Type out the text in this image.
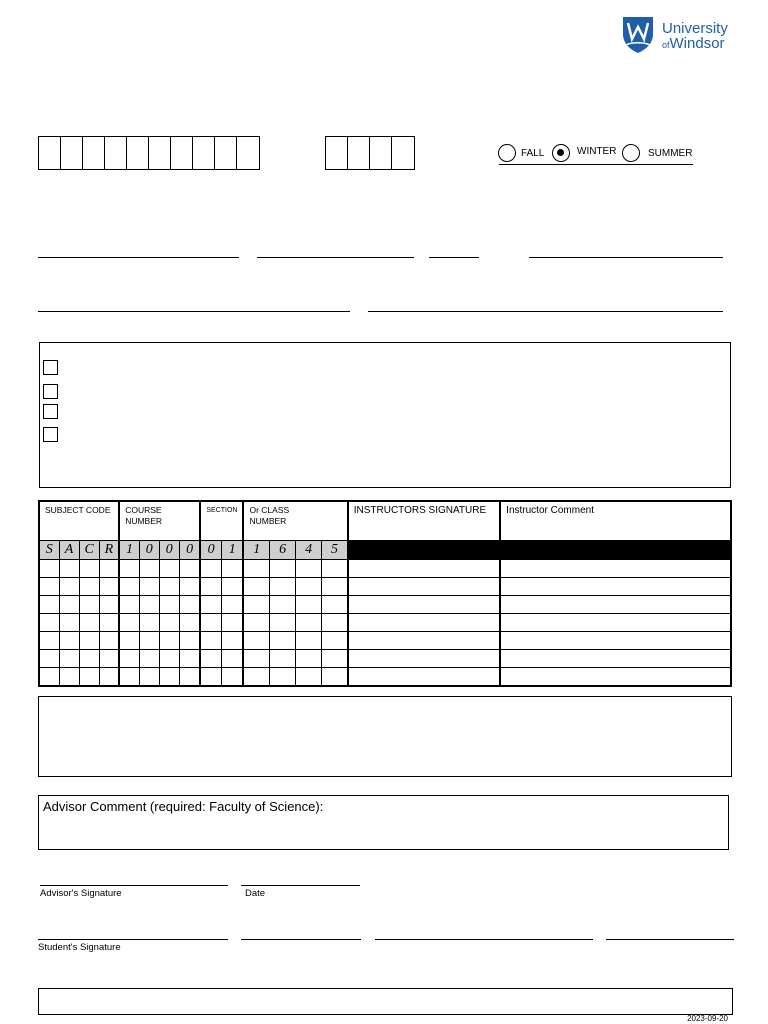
University
ofWindsor
FALL	WINTER	SUMMER
SUBJECT CODE				COURSE NUMBER				SECTION		Or CLASS NUMBER				INSTRUCTORS SIGNATURE	Instructor Comment

S	A	C	R	1	0	0	0	0	1	1	6	4	5		

Advisor Comment (required: Faculty of Science):
Advisor's Signature	Date
Student's Signature
2023-09-20
